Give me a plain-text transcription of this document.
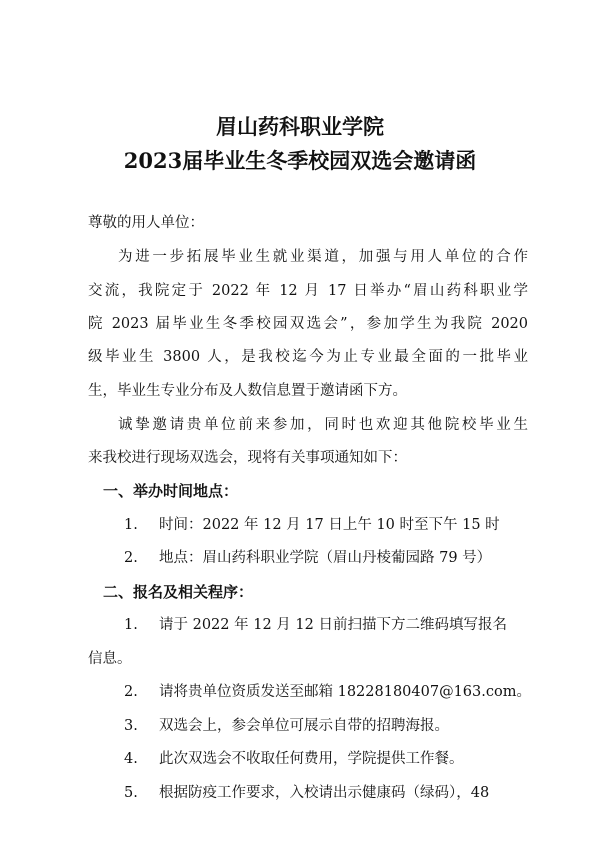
眉山药科职业学院
2023届毕业生冬季校园双选会邀请函
尊敬的用人单位：
为进一步拓展毕业生就业渠道，加强与用人单位的合作
交流，我院定于 2022 年 12 月 17 日举办“眉山药科职业学
院 2023 届毕业生冬季校园双选会”，参加学生为我院 2020
级毕业生 3800 人，是我校迄今为止专业最全面的一批毕业
生，毕业生专业分布及人数信息置于邀请函下方。
诚挚邀请贵单位前来参加，同时也欢迎其他院校毕业生
来我校进行现场双选会，现将有关事项通知如下：
一、举办时间地点：
1. 时间：2022 年 12 月 17 日上午 10 时至下午 15 时
2. 地点：眉山药科职业学院（眉山丹棱葡园路 79 号）
二、报名及相关程序：
1. 请于 2022 年 12 月 12 日前扫描下方二维码填写报名
信息。
2. 请将贵单位资质发送至邮箱 18228180407@163.com。
3. 双选会上，参会单位可展示自带的招聘海报。
4. 此次双选会不收取任何费用，学院提供工作餐。
5. 根据防疫工作要求，入校请出示健康码（绿码），48
